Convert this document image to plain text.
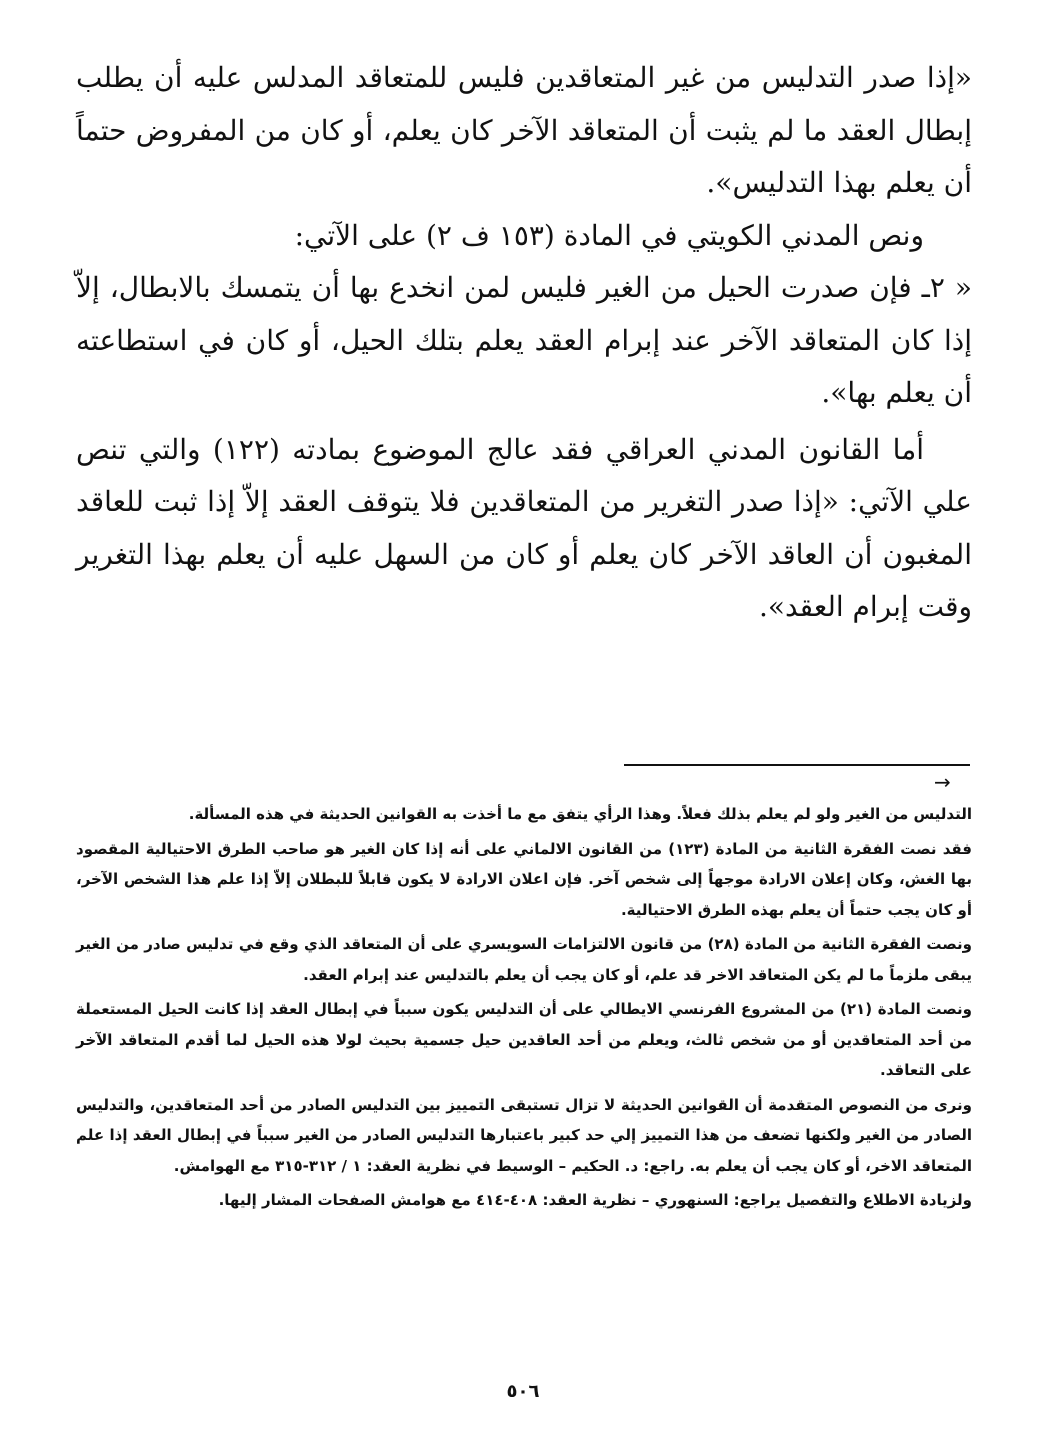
«إذا صدر التدليس من غير المتعاقدين فليس للمتعاقد المدلس عليه أن يطلب إبطال العقد ما لم يثبت أن المتعاقد الآخر كان يعلم، أو كان من المفروض حتماً أن يعلم بهذا التدليس».

ونص المدني الكويتي في المادة (١٥٣ ف ٢) على الآتي:

« ٢ـ فإن صدرت الحيل من الغير فليس لمن انخدع بها أن يتمسك بالابطال، إلاّ إذا كان المتعاقد الآخر عند إبرام العقد يعلم بتلك الحيل، أو كان في استطاعته أن يعلم بها».

أما القانون المدني العراقي فقد عالج الموضوع بمادته (١٢٢) والتي تنص علي الآتي: «إذا صدر التغرير من المتعاقدين فلا يتوقف العقد إلاّ إذا ثبت للعاقد المغبون أن العاقد الآخر كان يعلم أو كان من السهل عليه أن يعلم بهذا التغرير وقت إبرام العقد».

→

التدليس من الغير ولو لم يعلم بذلك فعلاً. وهذا الرأي يتفق مع ما أخذت به القوانين الحديثة في هذه المسألة.

فقد نصت الفقرة الثانية من المادة (١٢٣) من القانون الالماني على أنه إذا كان الغير هو صاحب الطرق الاحتيالية المقصود بها الغش، وكان إعلان الارادة موجهاً إلى شخص آخر. فإن اعلان الارادة لا يكون قابلاً للبطلان إلاّ إذا علم هذا الشخص الآخر، أو كان يجب حتماً أن يعلم بهذه الطرق الاحتيالية.

ونصت الفقرة الثانية من المادة (٢٨) من قانون الالتزامات السويسري على أن المتعاقد الذي وقع في تدليس صادر من الغير يبقى ملزماً ما لم يكن المتعاقد الاخر قد علم، أو كان يجب أن يعلم بالتدليس عند إبرام العقد.

ونصت المادة (٢١) من المشروع الفرنسي الايطالي على أن التدليس يكون سبباً في إبطال العقد إذا كانت الحيل المستعملة من أحد المتعاقدين أو من شخص ثالث، ويعلم من أحد العاقدين حيل جسمية بحيث لولا هذه الحيل لما أقدم المتعاقد الآخر على التعاقد.

ونرى من النصوص المتقدمة أن القوانين الحديثة لا تزال تستبقى التمييز بين التدليس الصادر من أحد المتعاقدين، والتدليس الصادر من الغير ولكنها تضعف من هذا التمييز إلي حد كبير باعتبارها التدليس الصادر من الغير سبباً في إبطال العقد إذا علم المتعاقد الاخر، أو كان يجب أن يعلم به. راجع: د. الحكيم – الوسيط في نظرية العقد: ١ / ٣١٢-٣١٥ مع الهوامش.

ولزيادة الاطلاع والتفصيل يراجع: السنهوري – نظرية العقد: ٤٠٨-٤١٤ مع هوامش الصفحات المشار إليها.

٥٠٦
